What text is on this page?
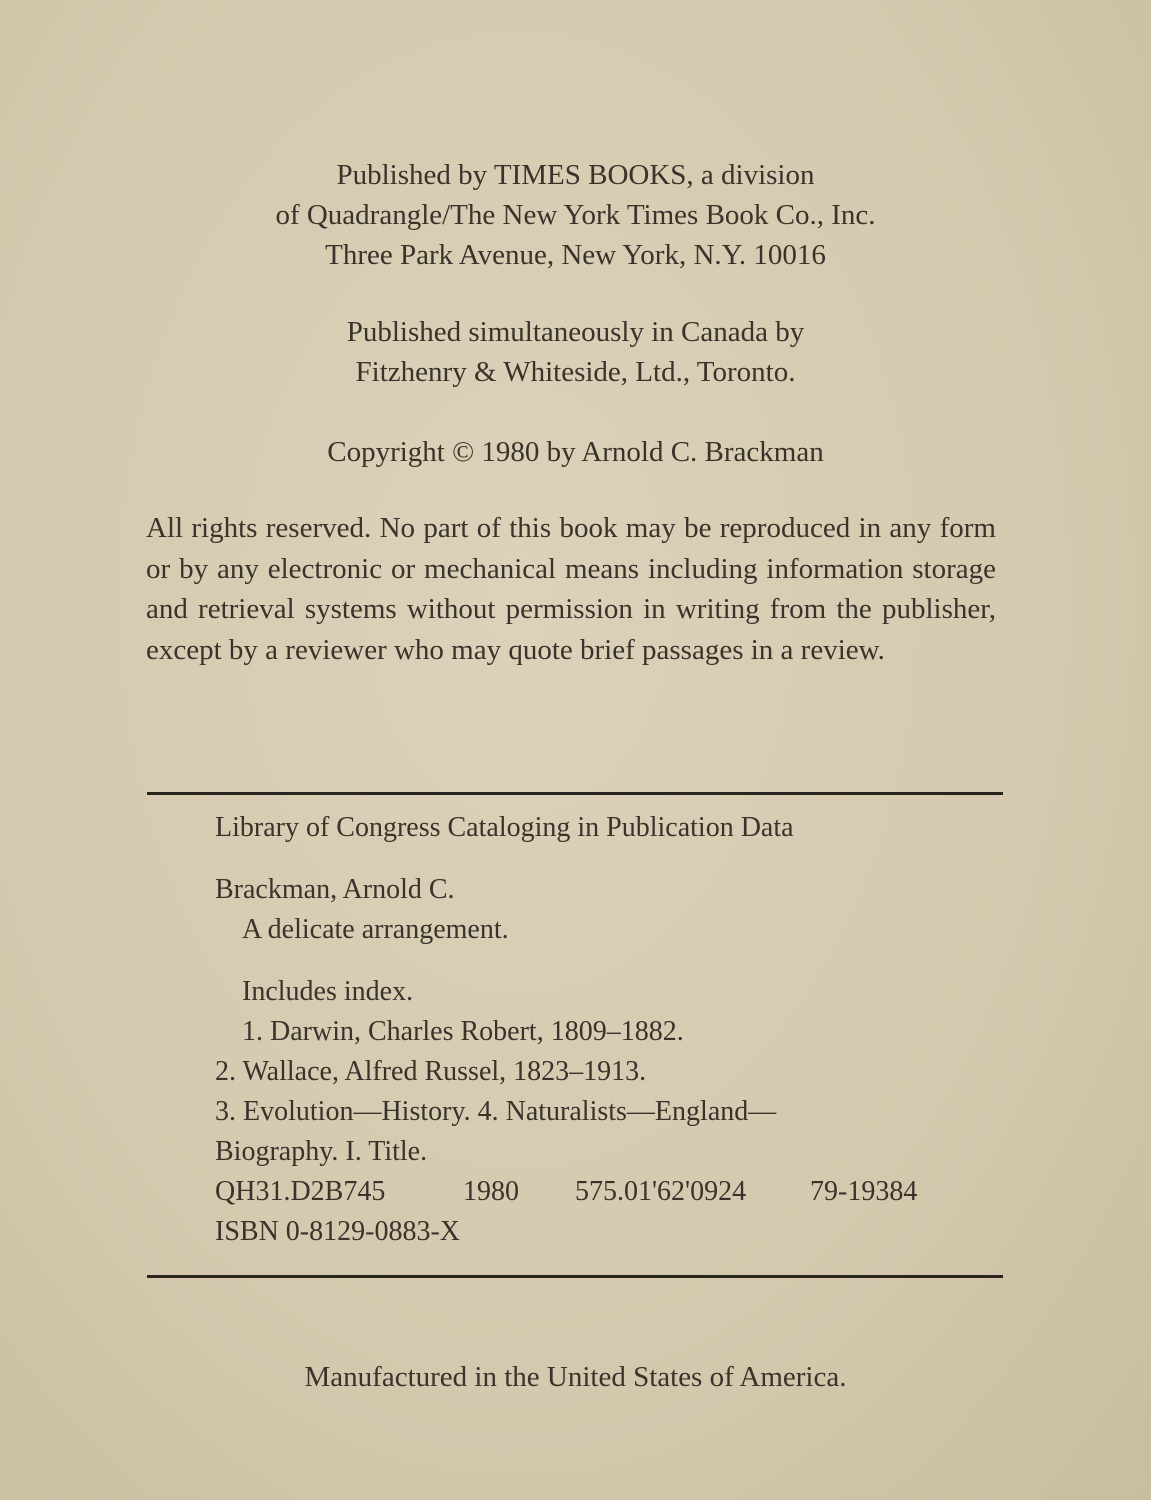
Published by TIMES BOOKS, a division
of Quadrangle/The New York Times Book Co., Inc.
Three Park Avenue, New York, N.Y. 10016
Published simultaneously in Canada by
Fitzhenry & Whiteside, Ltd., Toronto.
Copyright © 1980 by Arnold C. Brackman
All rights reserved. No part of this book may be reproduced in any form or by any electronic or mechanical means including information storage and retrieval systems without permission in writing from the publisher, except by a reviewer who may quote brief passages in a review.
Library of Congress Cataloging in Publication Data
Brackman, Arnold C.
A delicate arrangement.
Includes index.
1. Darwin, Charles Robert, 1809–1882.
2. Wallace, Alfred Russel, 1823–1913.
3. Evolution—History. 4. Naturalists—England—
Biography. I. Title.
QH31.D2B745	1980	575.01'62'0924	79-19384
ISBN 0-8129-0883-X
Manufactured in the United States of America.
